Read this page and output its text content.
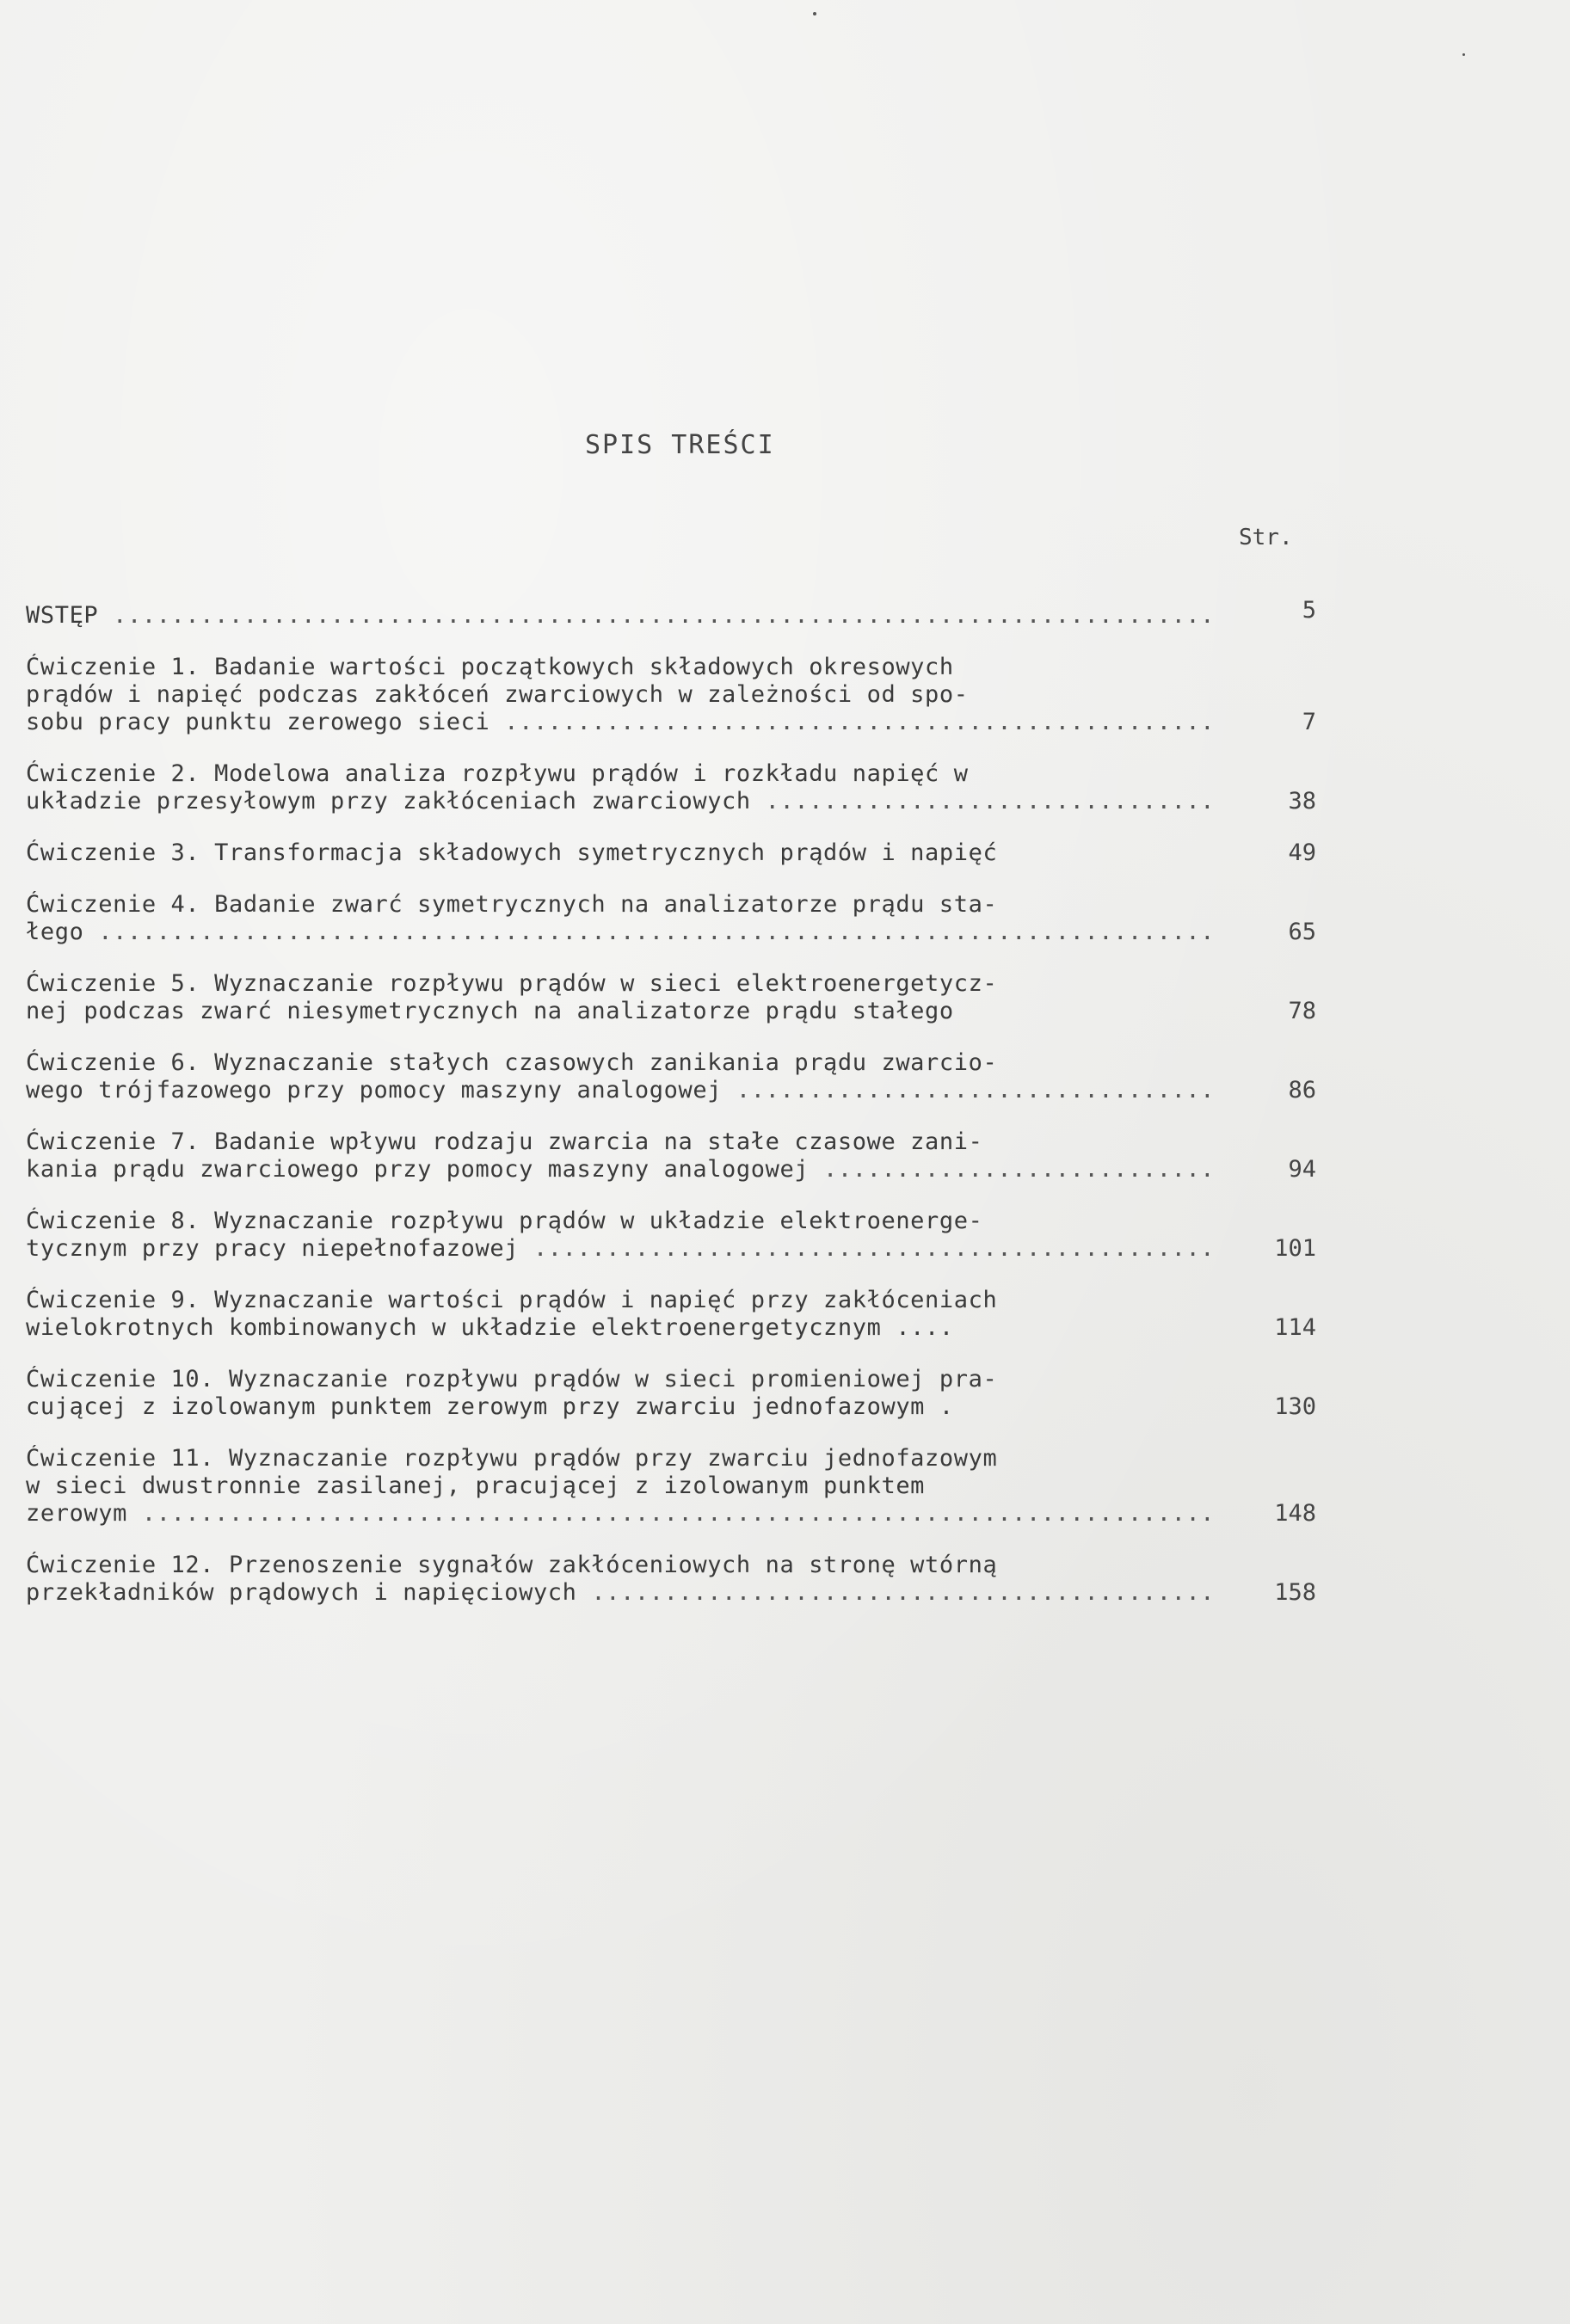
SPIS TREŚCI
Str.
WSTĘP .....	5
Ćwiczenie 1. Badanie wartości początkowych składowych okresowych
prądów i napięć podczas zakłóceń zwarciowych w zależności od spo-
sobu pracy punktu zerowego sieci .....	7
Ćwiczenie 2. Modelowa analiza rozpływu prądów i rozkładu napięć w
układzie przesyłowym przy zakłóceniach zwarciowych .....	38
Ćwiczenie 3. Transformacja składowych symetrycznych prądów i napięć	49
Ćwiczenie 4. Badanie zwarć symetrycznych na analizatorze prądu sta-
łego .....	65
Ćwiczenie 5. Wyznaczanie rozpływu prądów w sieci elektroenergetycz-
nej podczas zwarć niesymetrycznych na analizatorze prądu stałego	78
Ćwiczenie 6. Wyznaczanie stałych czasowych zanikania prądu zwarcio-
wego trójfazowego przy pomocy maszyny analogowej .....	86
Ćwiczenie 7. Badanie wpływu rodzaju zwarcia na stałe czasowe zani-
kania prądu zwarciowego przy pomocy maszyny analogowej .....	94
Ćwiczenie 8. Wyznaczanie rozpływu prądów w układzie elektroenerge-
tycznym przy pracy niepełnofazowej .....	101
Ćwiczenie 9. Wyznaczanie wartości prądów i napięć przy zakłóceniach
wielokrotnych kombinowanych w układzie elektroenergetycznym ....	114
Ćwiczenie 10. Wyznaczanie rozpływu prądów w sieci promieniowej pra-
cującej z izolowanym punktem zerowym przy zwarciu jednofazowym .	130
Ćwiczenie 11. Wyznaczanie rozpływu prądów przy zwarciu jednofazowym
w sieci dwustronnie zasilanej, pracującej z izolowanym punktem
zerowym .....	148
Ćwiczenie 12. Przenoszenie sygnałów zakłóceniowych na stronę wtórną
przekładników prądowych i napięciowych .....	158
